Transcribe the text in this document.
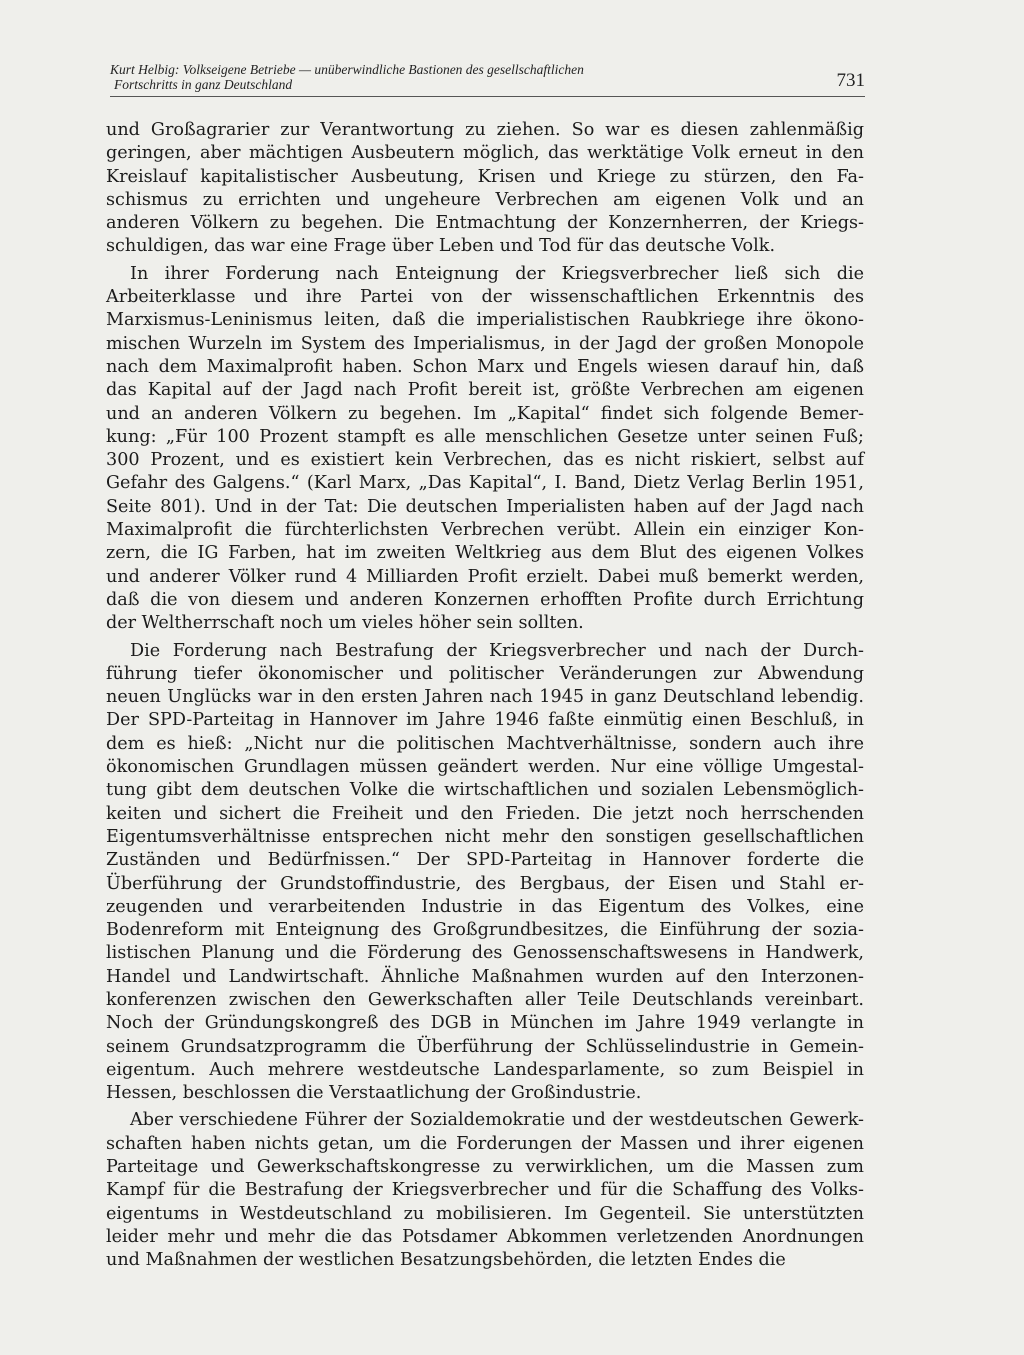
Kurt Helbig: Volkseigene Betriebe — unüberwindliche Bastionen des gesellschaftlichen
Fortschritts in ganz Deutschland	731
und Großagrarier zur Verantwortung zu ziehen. So war es diesen zahlenmäßig
geringen, aber mächtigen Ausbeutern möglich, das werktätige Volk erneut in den
Kreislauf kapitalistischer Ausbeutung, Krisen und Kriege zu stürzen, den Fa-
schismus zu errichten und ungeheure Verbrechen am eigenen Volk und an
anderen Völkern zu begehen. Die Entmachtung der Konzernherren, der Kriegs-
schuldigen, das war eine Frage über Leben und Tod für das deutsche Volk.
In ihrer Forderung nach Enteignung der Kriegsverbrecher ließ sich die
Arbeiterklasse und ihre Partei von der wissenschaftlichen Erkenntnis des
Marxismus-Leninismus leiten, daß die imperialistischen Raubkriege ihre ökono-
mischen Wurzeln im System des Imperialismus, in der Jagd der großen Monopole
nach dem Maximalprofit haben. Schon Marx und Engels wiesen darauf hin, daß
das Kapital auf der Jagd nach Profit bereit ist, größte Verbrechen am eigenen
und an anderen Völkern zu begehen. Im „Kapital“ findet sich folgende Bemer-
kung: „Für 100 Prozent stampft es alle menschlichen Gesetze unter seinen Fuß;
300 Prozent, und es existiert kein Verbrechen, das es nicht riskiert, selbst auf
Gefahr des Galgens.“ (Karl Marx, „Das Kapital“, I. Band, Dietz Verlag Berlin 1951,
Seite 801). Und in der Tat: Die deutschen Imperialisten haben auf der Jagd nach
Maximalprofit die fürchterlichsten Verbrechen verübt. Allein ein einziger Kon-
zern, die IG Farben, hat im zweiten Weltkrieg aus dem Blut des eigenen Volkes
und anderer Völker rund 4 Milliarden Profit erzielt. Dabei muß bemerkt werden,
daß die von diesem und anderen Konzernen erhofften Profite durch Errichtung
der Weltherrschaft noch um vieles höher sein sollten.
Die Forderung nach Bestrafung der Kriegsverbrecher und nach der Durch-
führung tiefer ökonomischer und politischer Veränderungen zur Abwendung
neuen Unglücks war in den ersten Jahren nach 1945 in ganz Deutschland lebendig.
Der SPD-Parteitag in Hannover im Jahre 1946 faßte einmütig einen Beschluß, in
dem es hieß: „Nicht nur die politischen Machtverhältnisse, sondern auch ihre
ökonomischen Grundlagen müssen geändert werden. Nur eine völlige Umgestal-
tung gibt dem deutschen Volke die wirtschaftlichen und sozialen Lebensmöglich-
keiten und sichert die Freiheit und den Frieden. Die jetzt noch herrschenden
Eigentumsverhältnisse entsprechen nicht mehr den sonstigen gesellschaftlichen
Zuständen und Bedürfnissen.“ Der SPD-Parteitag in Hannover forderte die
Überführung der Grundstoffindustrie, des Bergbaus, der Eisen und Stahl er-
zeugenden und verarbeitenden Industrie in das Eigentum des Volkes, eine
Bodenreform mit Enteignung des Großgrundbesitzes, die Einführung der sozia-
listischen Planung und die Förderung des Genossenschaftswesens in Handwerk,
Handel und Landwirtschaft. Ähnliche Maßnahmen wurden auf den Interzonen-
konferenzen zwischen den Gewerkschaften aller Teile Deutschlands vereinbart.
Noch der Gründungskongreß des DGB in München im Jahre 1949 verlangte in
seinem Grundsatzprogramm die Überführung der Schlüsselindustrie in Gemein-
eigentum. Auch mehrere westdeutsche Landesparlamente, so zum Beispiel in
Hessen, beschlossen die Verstaatlichung der Großindustrie.
Aber verschiedene Führer der Sozialdemokratie und der westdeutschen Gewerk-
schaften haben nichts getan, um die Forderungen der Massen und ihrer eigenen
Parteitage und Gewerkschaftskongresse zu verwirklichen, um die Massen zum
Kampf für die Bestrafung der Kriegsverbrecher und für die Schaffung des Volks-
eigentums in Westdeutschland zu mobilisieren. Im Gegenteil. Sie unterstützten
leider mehr und mehr die das Potsdamer Abkommen verletzenden Anordnungen
und Maßnahmen der westlichen Besatzungsbehörden, die letzten Endes die
